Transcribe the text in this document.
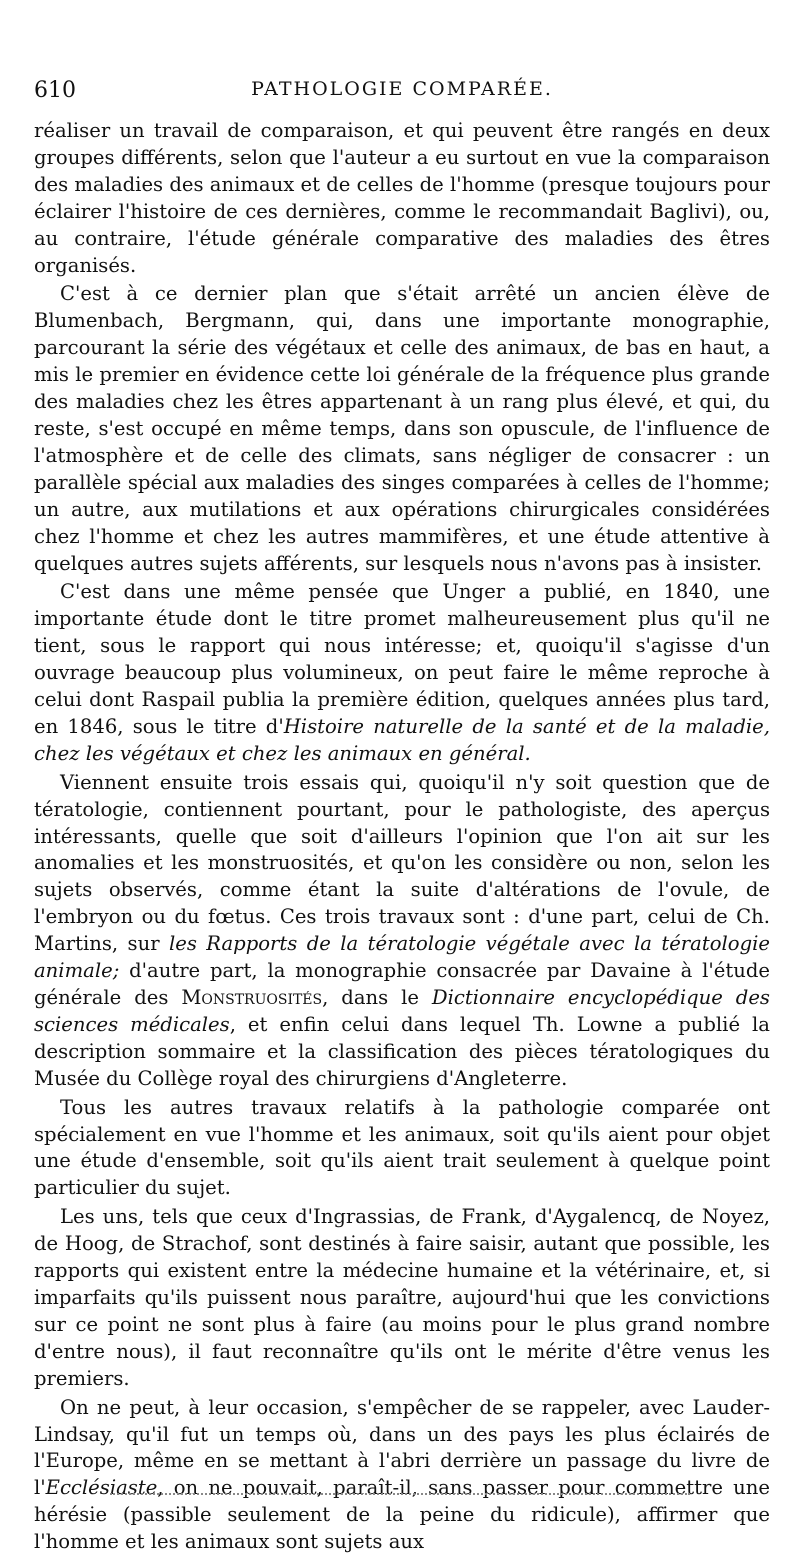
610	PATHOLOGIE COMPARÉE.

réaliser un travail de comparaison, et qui peuvent être rangés en deux groupes différents, selon que l'auteur a eu surtout en vue la comparaison des maladies des animaux et de celles de l'homme (presque toujours pour éclairer l'histoire de ces dernières, comme le recommandait Baglivi), ou, au contraire, l'étude générale comparative des maladies des êtres organisés.

C'est à ce dernier plan que s'était arrêté un ancien élève de Blumenbach, Bergmann, qui, dans une importante monographie, parcourant la série des végétaux et celle des animaux, de bas en haut, a mis le premier en évidence cette loi générale de la fréquence plus grande des maladies chez les êtres appartenant à un rang plus élevé, et qui, du reste, s'est occupé en même temps, dans son opuscule, de l'influence de l'atmosphère et de celle des climats, sans négliger de consacrer : un parallèle spécial aux maladies des singes comparées à celles de l'homme; un autre, aux mutilations et aux opérations chirurgicales considérées chez l'homme et chez les autres mammifères, et une étude attentive à quelques autres sujets afférents, sur lesquels nous n'avons pas à insister.

C'est dans une même pensée que Unger a publié, en 1840, une importante étude dont le titre promet malheureusement plus qu'il ne tient, sous le rapport qui nous intéresse; et, quoiqu'il s'agisse d'un ouvrage beaucoup plus volumineux, on peut faire le même reproche à celui dont Raspail publia la première édition, quelques années plus tard, en 1846, sous le titre d'Histoire naturelle de la santé et de la maladie, chez les végétaux et chez les animaux en général.

Viennent ensuite trois essais qui, quoiqu'il n'y soit question que de tératologie, contiennent pourtant, pour le pathologiste, des aperçus intéressants, quelle que soit d'ailleurs l'opinion que l'on ait sur les anomalies et les monstruosités, et qu'on les considère ou non, selon les sujets observés, comme étant la suite d'altérations de l'ovule, de l'embryon ou du fœtus. Ces trois travaux sont : d'une part, celui de Ch. Martins, sur les Rapports de la tératologie végétale avec la tératologie animale; d'autre part, la monographie consacrée par Davaine à l'étude générale des Monstruosités, dans le Dictionnaire encyclopédique des sciences médicales, et enfin celui dans lequel Th. Lowne a publié la description sommaire et la classification des pièces tératologiques du Musée du Collège royal des chirurgiens d'Angleterre.

Tous les autres travaux relatifs à la pathologie comparée ont spécialement en vue l'homme et les animaux, soit qu'ils aient pour objet une étude d'ensemble, soit qu'ils aient trait seulement à quelque point particulier du sujet.

Les uns, tels que ceux d'Ingrassias, de Frank, d'Aygalencq, de Noyez, de Hoog, de Strachof, sont destinés à faire saisir, autant que possible, les rapports qui existent entre la médecine humaine et la vétérinaire, et, si imparfaits qu'ils puissent nous paraître, aujourd'hui que les convictions sur ce point ne sont plus à faire (au moins pour le plus grand nombre d'entre nous), il faut reconnaître qu'ils ont le mérite d'être venus les premiers.

On ne peut, à leur occasion, s'empêcher de se rappeler, avec Lauder-Lindsay, qu'il fut un temps où, dans un des pays les plus éclairés de l'Europe, même en se mettant à l'abri derrière un passage du livre de l'Ecclésiaste, on ne pouvait, paraît-il, sans passer pour commettre une hérésie (passible seulement de la peine du ridicule), affirmer que l'homme et les animaux sont sujets aux
